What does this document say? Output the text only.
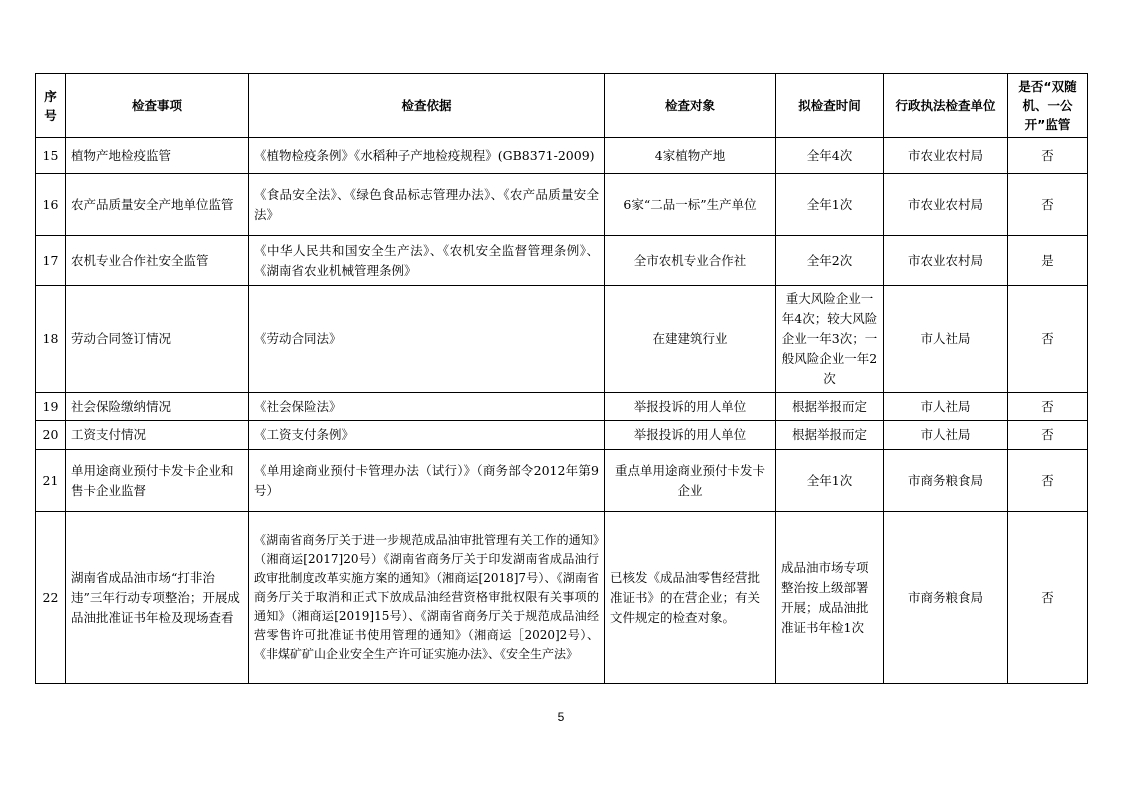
序号	检查事项	检查依据	检查对象	拟检查时间	行政执法检查单位	是否“双随机、一公开”监管
15	植物产地检疫监管	《植物检疫条例》《水稻种子产地检疫规程》(GB8371-2009)	4家植物产地	全年4次	市农业农村局	否
16	农产品质量安全产地单位监管	《食品安全法》、《绿色食品标志管理办法》、《农产品质量安全法》	6家“二品一标”生产单位	全年1次	市农业农村局	否
17	农机专业合作社安全监管	《中华人民共和国安全生产法》、《农机安全监督管理条例》、《湖南省农业机械管理条例》	全市农机专业合作社	全年2次	市农业农村局	是
18	劳动合同签订情况	《劳动合同法》	在建建筑行业	重大风险企业一年4次；较大风险企业一年3次；一般风险企业一年2次	市人社局	否
19	社会保险缴纳情况	《社会保险法》	举报投诉的用人单位	根据举报而定	市人社局	否
20	工资支付情况	《工资支付条例》	举报投诉的用人单位	根据举报而定	市人社局	否
21	单用途商业预付卡发卡企业和售卡企业监督	《单用途商业预付卡管理办法（试行）》（商务部令2012年第9号）	重点单用途商业预付卡发卡企业	全年1次	市商务粮食局	否
22	湖南省成品油市场“打非治违”三年行动专项整治；开展成品油批准证书年检及现场查看	《湖南省商务厅关于进一步规范成品油审批管理有关工作的通知》（湘商运[2017]20号）《湖南省商务厅关于印发湖南省成品油行政审批制度改革实施方案的通知》（湘商运[2018]7号）、《湖南省商务厅关于取消和正式下放成品油经营资格审批权限有关事项的通知》（湘商运[2019]15号）、《湖南省商务厅关于规范成品油经营零售许可批准证书使用管理的通知》（湘商运［2020]2号）、《非煤矿矿山企业安全生产许可证实施办法》、《安全生产法》	已核发《成品油零售经营批准证书》的在营企业；有关文件规定的检查对象。	成品油市场专项整治按上级部署开展；成品油批准证书年检1次	市商务粮食局	否
5
